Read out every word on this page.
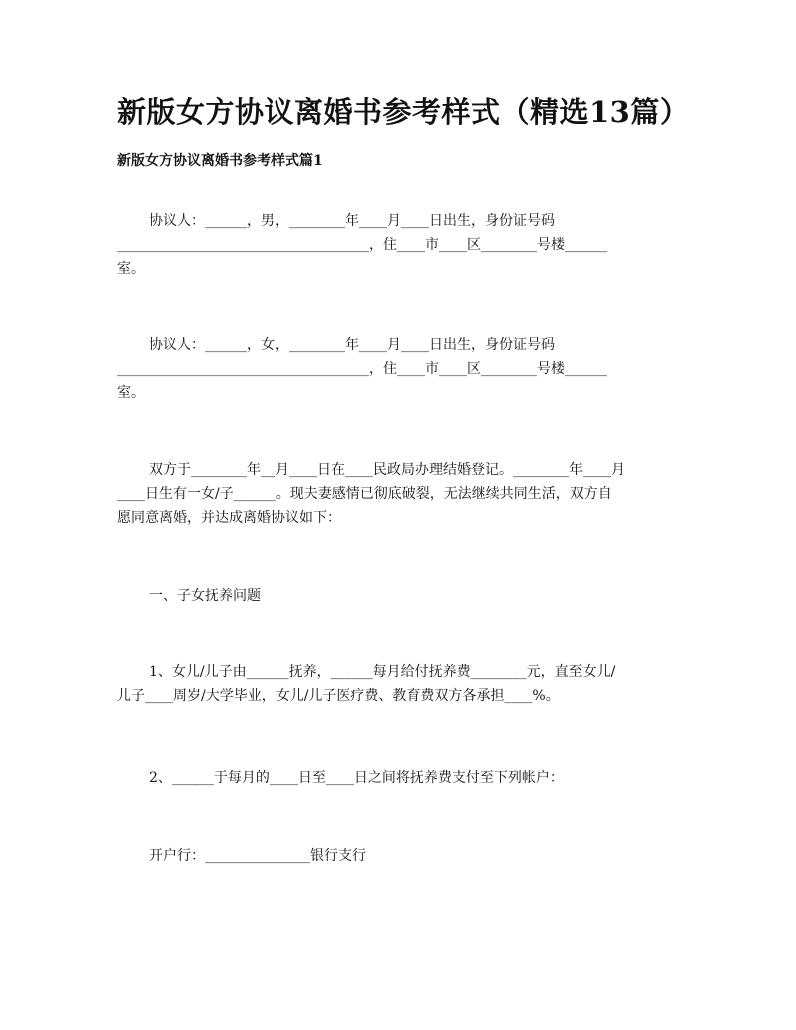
新版女方协议离婚书参考样式（精选13篇）
新版女方协议离婚书参考样式篇1
协议人：______，男，________年____月____日出生，身份证号码
____________________________________，住____市____区________号楼______
室。
协议人：______，女，________年____月____日出生，身份证号码
____________________________________，住____市____区________号楼______
室。
双方于________年__月____日在____民政局办理结婚登记。________年____月
____日生有一女/子______。现夫妻感情已彻底破裂，无法继续共同生活，双方自
愿同意离婚，并达成离婚协议如下：
一、子女抚养问题
1、女儿/儿子由______抚养，______每月给付抚养费________元，直至女儿/
儿子____周岁/大学毕业，女儿/儿子医疗费、教育费双方各承担____%。
2、______于每月的____日至____日之间将抚养费支付至下列帐户：
开户行：_______________银行支行
